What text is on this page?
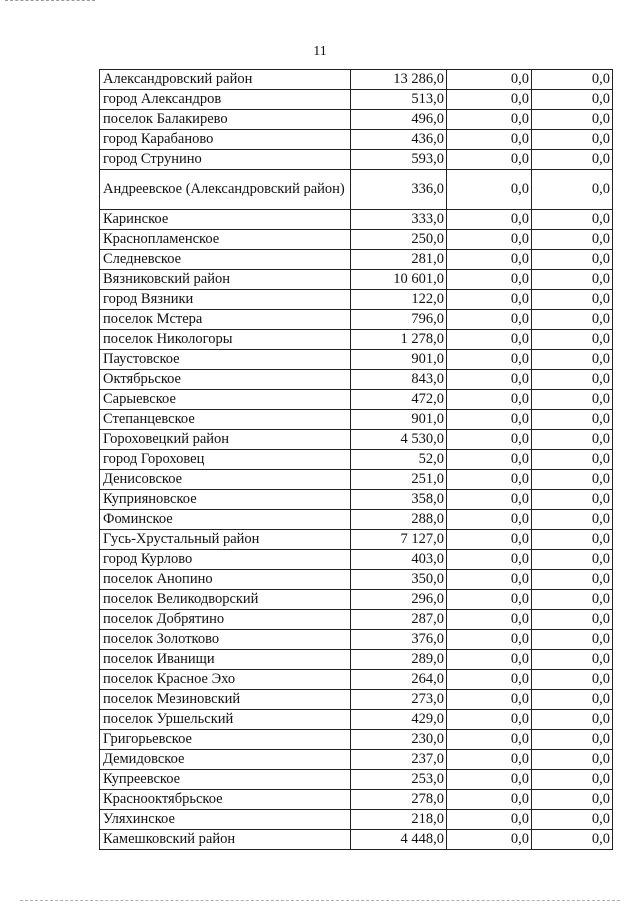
11
Александровский район	13 286,0	0,0	0,0
город Александров	513,0	0,0	0,0
поселок Балакирево	496,0	0,0	0,0
город Карабаново	436,0	0,0	0,0
город Струнино	593,0	0,0	0,0
Андреевское (Александровский район)	336,0	0,0	0,0
Каринское	333,0	0,0	0,0
Краснопламенское	250,0	0,0	0,0
Следневское	281,0	0,0	0,0
Вязниковский район	10 601,0	0,0	0,0
город Вязники	122,0	0,0	0,0
поселок Мстера	796,0	0,0	0,0
поселок Никологоры	1 278,0	0,0	0,0
Паустовское	901,0	0,0	0,0
Октябрьское	843,0	0,0	0,0
Сарыевское	472,0	0,0	0,0
Степанцевское	901,0	0,0	0,0
Гороховецкий район	4 530,0	0,0	0,0
город Гороховец	52,0	0,0	0,0
Денисовское	251,0	0,0	0,0
Куприяновское	358,0	0,0	0,0
Фоминское	288,0	0,0	0,0
Гусь-Хрустальный район	7 127,0	0,0	0,0
город Курлово	403,0	0,0	0,0
поселок Анопино	350,0	0,0	0,0
поселок Великодворский	296,0	0,0	0,0
поселок Добрятино	287,0	0,0	0,0
поселок Золотково	376,0	0,0	0,0
поселок Иванищи	289,0	0,0	0,0
поселок Красное Эхо	264,0	0,0	0,0
поселок Мезиновский	273,0	0,0	0,0
поселок Уршельский	429,0	0,0	0,0
Григорьевское	230,0	0,0	0,0
Демидовское	237,0	0,0	0,0
Купреевское	253,0	0,0	0,0
Краснооктябрьское	278,0	0,0	0,0
Уляхинское	218,0	0,0	0,0
Камешковский район	4 448,0	0,0	0,0
